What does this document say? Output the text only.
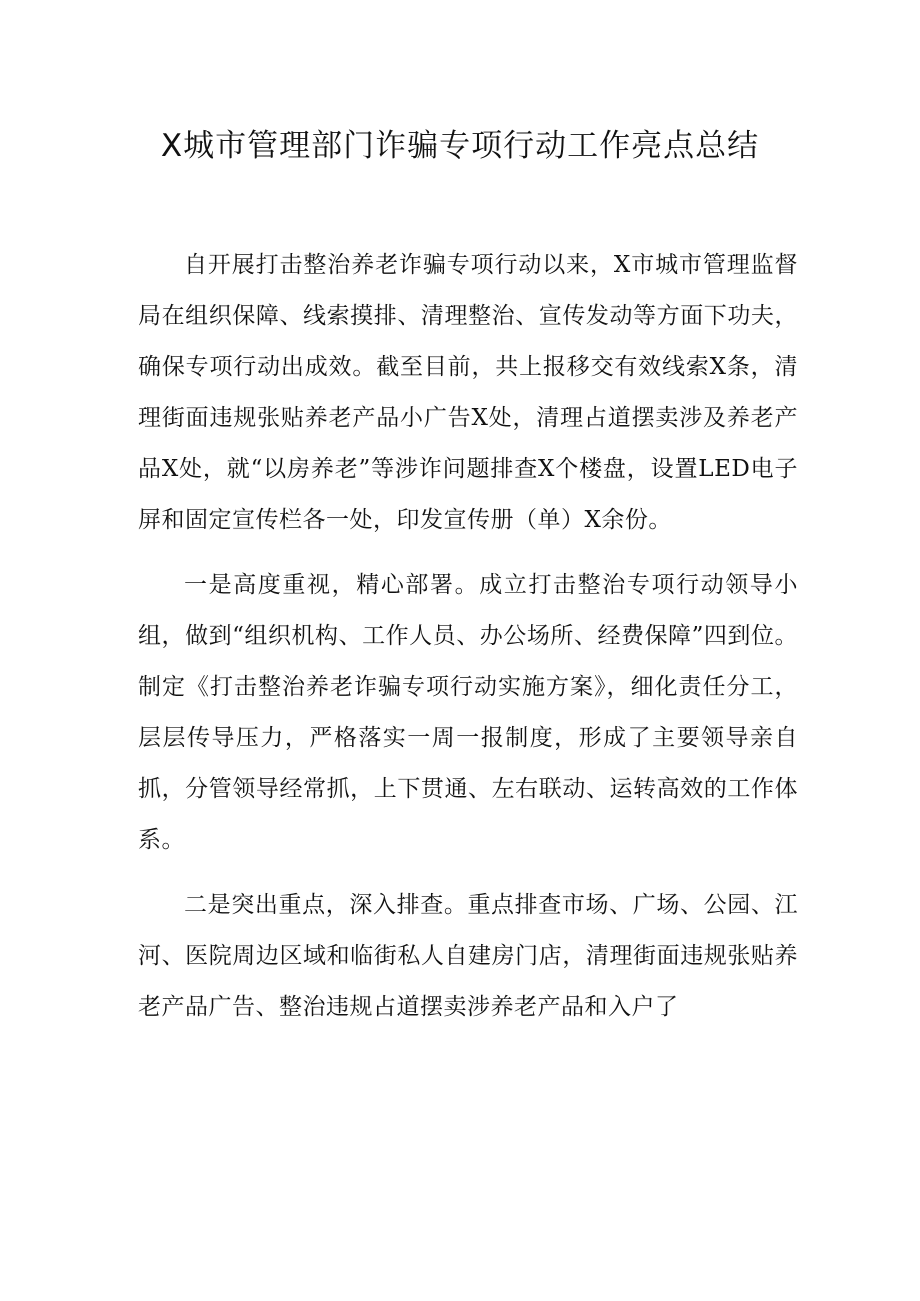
X城市管理部门诈骗专项行动工作亮点总结

自开展打击整治养老诈骗专项行动以来，X市城市管理监督局在组织保障、线索摸排、清理整治、宣传发动等方面下功夫，确保专项行动出成效。截至目前，共上报移交有效线索X条，清理街面违规张贴养老产品小广告X处，清理占道摆卖涉及养老产品X处，就“以房养老”等涉诈问题排查X个楼盘，设置LED电子屏和固定宣传栏各一处，印发宣传册（单）X余份。

一是高度重视，精心部署。成立打击整治专项行动领导小组，做到“组织机构、工作人员、办公场所、经费保障”四到位。制定《打击整治养老诈骗专项行动实施方案》，细化责任分工，层层传导压力，严格落实一周一报制度，形成了主要领导亲自抓，分管领导经常抓，上下贯通、左右联动、运转高效的工作体系。

二是突出重点，深入排查。重点排查市场、广场、公园、江河、医院周边区域和临街私人自建房门店，清理街面违规张贴养老产品广告、整治违规占道摆卖涉养老产品和入户了
